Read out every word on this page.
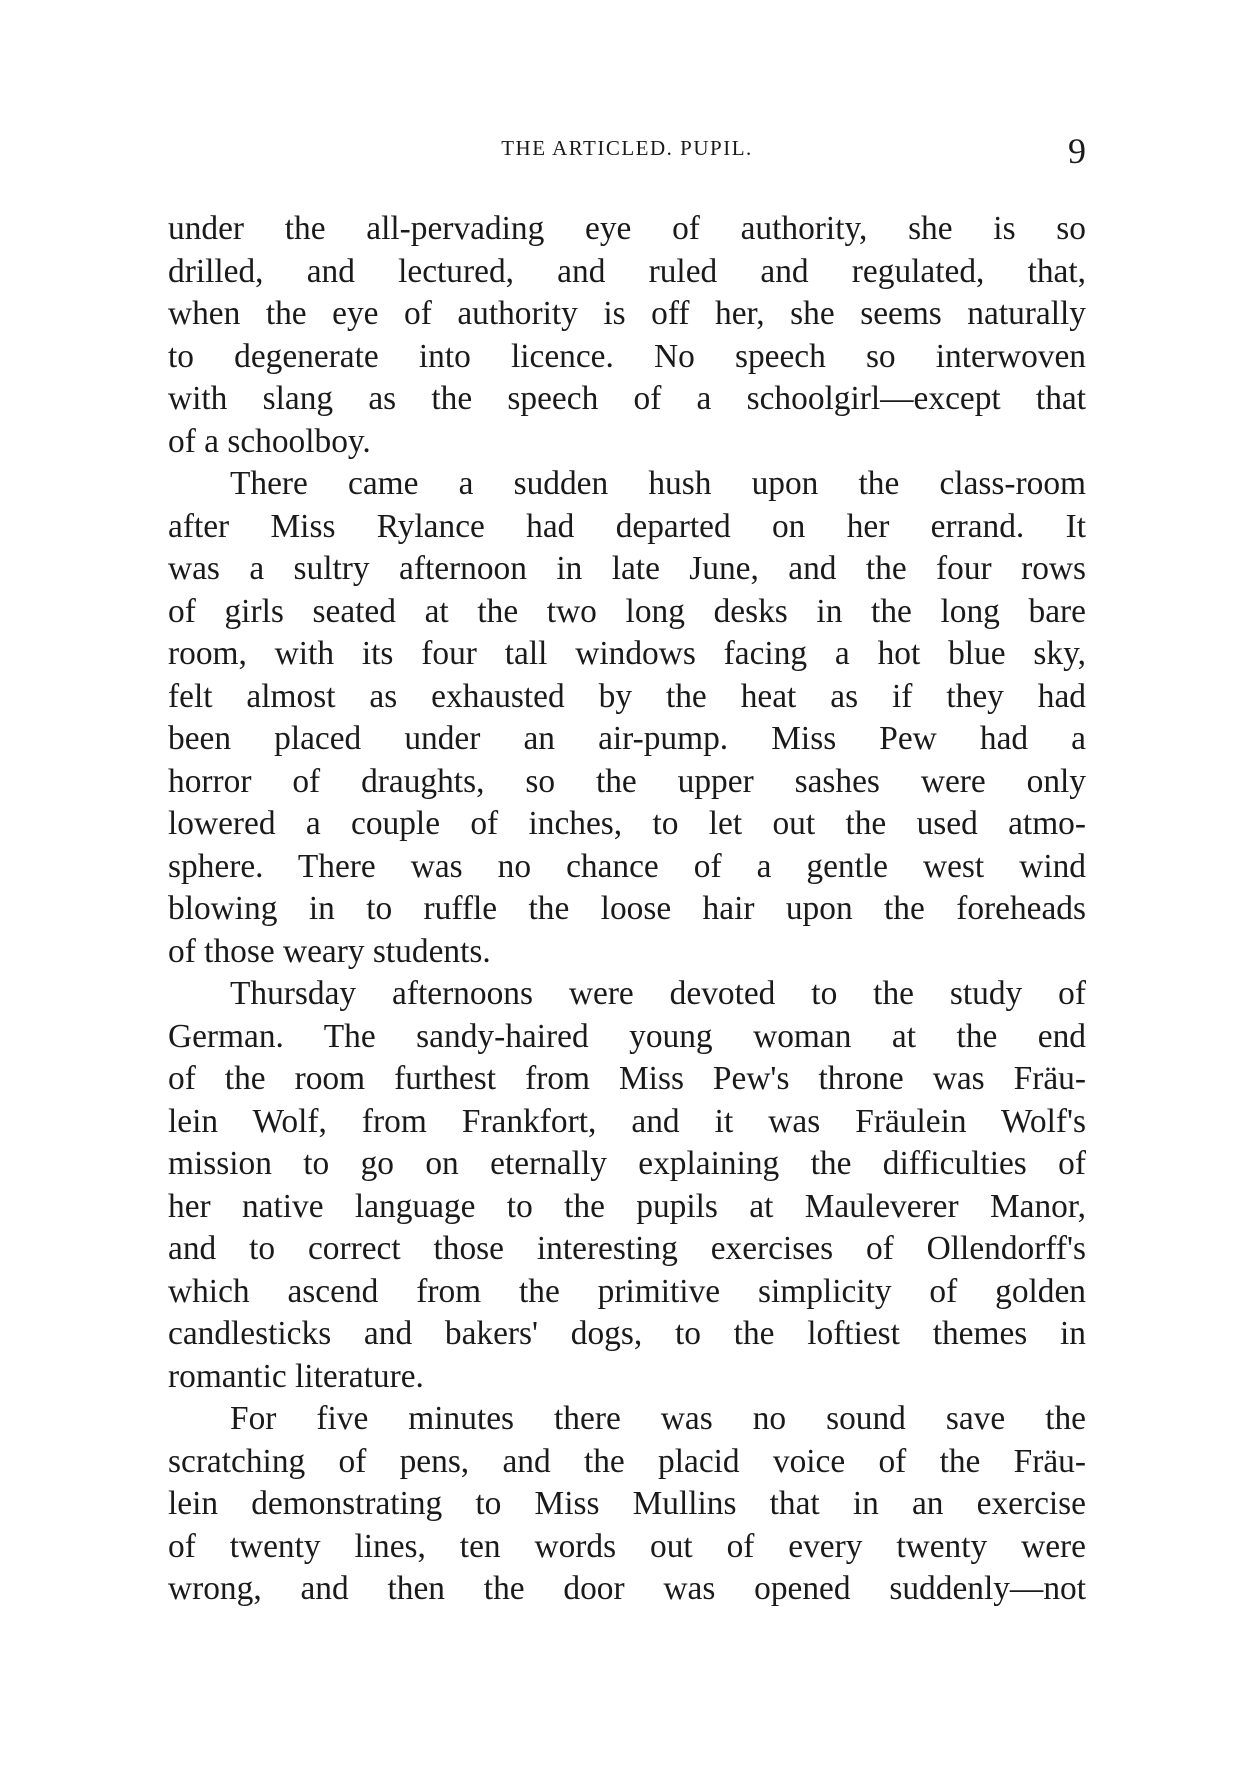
THE ARTICLED. PUPIL.	9
under the all-pervading eye of authority, she is so
drilled, and lectured, and ruled and regulated, that,
when the eye of authority is off her, she seems naturally
to degenerate into licence. No speech so interwoven
with slang as the speech of a schoolgirl—except that
of a schoolboy.
There came a sudden hush upon the class-room
after Miss Rylance had departed on her errand. It
was a sultry afternoon in late June, and the four rows
of girls seated at the two long desks in the long bare
room, with its four tall windows facing a hot blue sky,
felt almost as exhausted by the heat as if they had
been placed under an air-pump. Miss Pew had a
horror of draughts, so the upper sashes were only
lowered a couple of inches, to let out the used atmo-
sphere. There was no chance of a gentle west wind
blowing in to ruffle the loose hair upon the foreheads
of those weary students.
Thursday afternoons were devoted to the study of
German. The sandy-haired young woman at the end
of the room furthest from Miss Pew's throne was Fräu-
lein Wolf, from Frankfort, and it was Fräulein Wolf's
mission to go on eternally explaining the difficulties of
her native language to the pupils at Mauleverer Manor,
and to correct those interesting exercises of Ollendorff's
which ascend from the primitive simplicity of golden
candlesticks and bakers' dogs, to the loftiest themes in
romantic literature.
For five minutes there was no sound save the
scratching of pens, and the placid voice of the Fräu-
lein demonstrating to Miss Mullins that in an exercise
of twenty lines, ten words out of every twenty were
wrong, and then the door was opened suddenly—not
